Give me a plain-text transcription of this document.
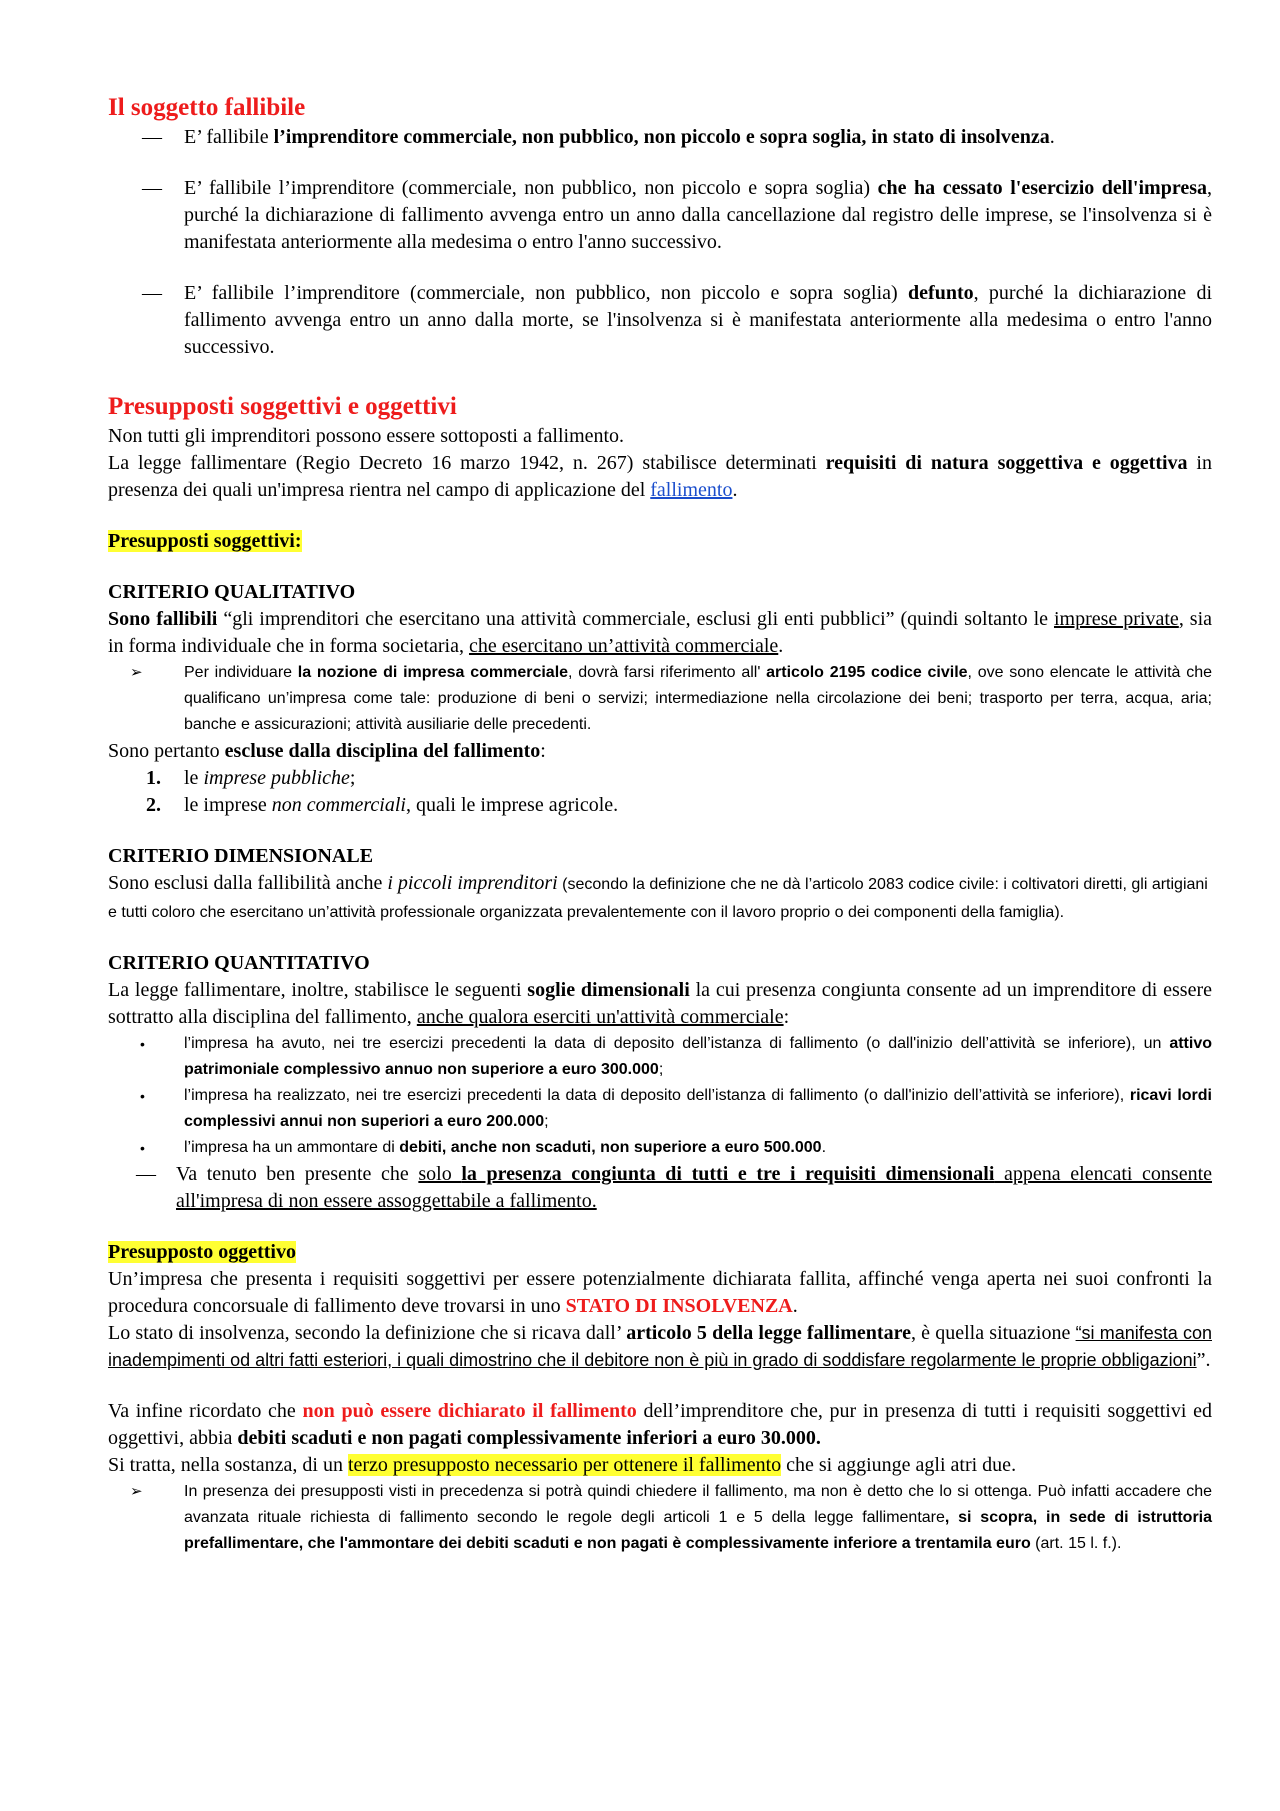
Il soggetto fallibile
— E’ fallibile l’imprenditore commerciale, non pubblico, non piccolo e sopra soglia, in stato di insolvenza.
— E’ fallibile l’imprenditore (commerciale, non pubblico, non piccolo e sopra soglia) che ha cessato l'esercizio dell'impresa, purché la dichiarazione di fallimento avvenga entro un anno dalla cancellazione dal registro delle imprese, se l'insolvenza si è manifestata anteriormente alla medesima o entro l'anno successivo.
— E’ fallibile l’imprenditore (commerciale, non pubblico, non piccolo e sopra soglia) defunto, purché la dichiarazione di fallimento avvenga entro un anno dalla morte, se l'insolvenza si è manifestata anteriormente alla medesima o entro l'anno successivo.
Presupposti soggettivi e oggettivi

Non tutti gli imprenditori possono essere sottoposti a fallimento.

La legge fallimentare (Regio Decreto 16 marzo 1942, n. 267) stabilisce determinati requisiti di natura soggettiva e oggettiva in presenza dei quali un'impresa rientra nel campo di applicazione del fallimento.

Presupposti soggettivi:

CRITERIO QUALITATIVO

Sono fallibili “gli imprenditori che esercitano una attività commerciale, esclusi gli enti pubblici” (quindi soltanto le imprese private, sia in forma individuale che in forma societaria, che esercitano un’attività commerciale.

➢	Per individuare la nozione di impresa commerciale, dovrà farsi riferimento all' articolo 2195 codice civile, ove sono elencate le attività che qualificano un’impresa come tale: produzione di beni o servizi; intermediazione nella circolazione dei beni; trasporto per terra, acqua, aria; banche e assicurazioni; attività ausiliarie delle precedenti.

Sono pertanto escluse dalla disciplina del fallimento:

1. le imprese pubbliche;
2. le imprese non commerciali, quali le imprese agricole.

CRITERIO DIMENSIONALE

Sono esclusi dalla fallibilità anche i piccoli imprenditori (secondo la definizione che ne dà l’articolo 2083 codice civile: i coltivatori diretti, gli artigiani e tutti coloro che esercitano un’attività professionale organizzata prevalentemente con il lavoro proprio o dei componenti della famiglia).

CRITERIO QUANTITATIVO

La legge fallimentare, inoltre, stabilisce le seguenti soglie dimensionali la cui presenza congiunta consente ad un imprenditore di essere sottratto alla disciplina del fallimento, anche qualora eserciti un'attività commerciale:

• l’impresa ha avuto, nei tre esercizi precedenti la data di deposito dell’istanza di fallimento (o dall'inizio dell’attività se inferiore), un attivo patrimoniale complessivo annuo non superiore a euro 300.000;
• l’impresa ha realizzato, nei tre esercizi precedenti la data di deposito dell’istanza di fallimento (o dall'inizio dell’attività se inferiore), ricavi lordi complessivi annui non superiori a euro 200.000;
• l’impresa ha un ammontare di debiti, anche non scaduti, non superiore a euro 500.000.
— Va tenuto ben presente che solo la presenza congiunta di tutti e tre i requisiti dimensionali appena elencati consente all'impresa di non essere assoggettabile a fallimento.

Presupposto oggettivo

Un’impresa che presenta i requisiti soggettivi per essere potenzialmente dichiarata fallita, affinché venga aperta nei suoi confronti la procedura concorsuale di fallimento deve trovarsi in uno STATO DI INSOLVENZA.

Lo stato di insolvenza, secondo la definizione che si ricava dall’ articolo 5 della legge fallimentare, è quella situazione “si manifesta con inadempimenti od altri fatti esteriori, i quali dimostrino che il debitore non è più in grado di soddisfare regolarmente le proprie obbligazioni”.

Va infine ricordato che non può essere dichiarato il fallimento dell’imprenditore che, pur in presenza di tutti i requisiti soggettivi ed oggettivi, abbia debiti scaduti e non pagati complessivamente inferiori a euro 30.000.

Si tratta, nella sostanza, di un terzo presupposto necessario per ottenere il fallimento che si aggiunge agli atri due.

➢	In presenza dei presupposti visti in precedenza si potrà quindi chiedere il fallimento, ma non è detto che lo si ottenga. Può infatti accadere che avanzata rituale richiesta di fallimento secondo le regole degli articoli 1 e 5 della legge fallimentare, si scopra, in sede di istruttoria prefallimentare, che l'ammontare dei debiti scaduti e non pagati è complessivamente inferiore a trentamila euro (art. 15 l. f.).
